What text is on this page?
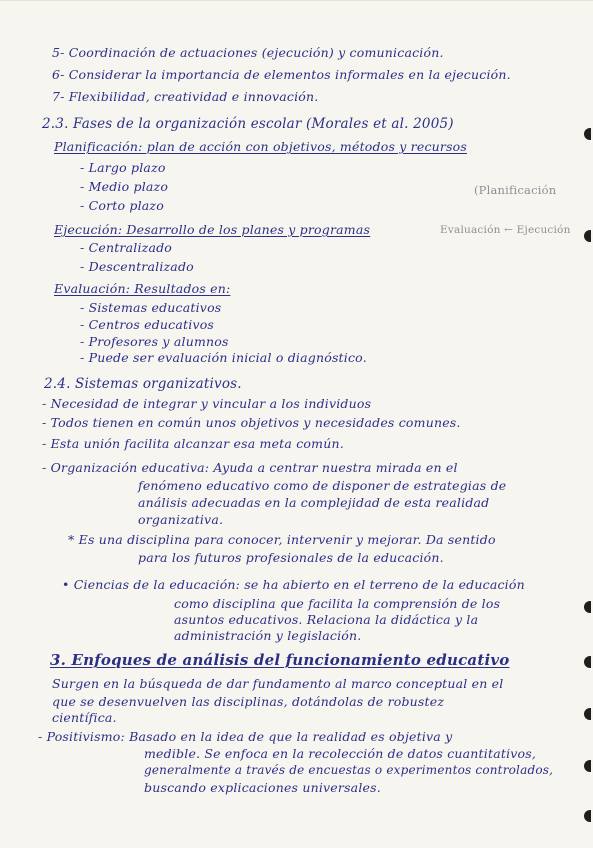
5- Coordinación de actuaciones (ejecución) y comunicación.
6- Considerar la importancia de elementos informales en la ejecución.
7- Flexibilidad, creatividad e innovación.
2.3. Fases de la organización escolar (Morales et al. 2005)
Planificación: plan de acción con objetivos, métodos y recursos
- Largo plazo
- Medio plazo
- Corto plazo
(Planificación
Ejecución: Desarrollo de los planes y programas	Evaluación ← Ejecución
- Centralizado
- Descentralizado
Evaluación: Resultados en:
- Sistemas educativos
- Centros educativos
- Profesores y alumnos
- Puede ser evaluación inicial o diagnóstico.
2.4. Sistemas organizativos.
- Necesidad de integrar y vincular a los individuos
- Todos tienen en común unos objetivos y necesidades comunes.
- Esta unión facilita alcanzar esa meta común.
- Organización educativa: Ayuda a centrar nuestra mirada en el
fenómeno educativo como de disponer de estrategias de
análisis adecuadas en la complejidad de esta realidad
organizativa.
* Es una disciplina para conocer, intervenir y mejorar. Da sentido
para los futuros profesionales de la educación.
• Ciencias de la educación: se ha abierto en el terreno de la educación
como disciplina que facilita la comprensión de los
asuntos educativos. Relaciona la didáctica y la
administración y legislación.
3. Enfoques de análisis del funcionamiento educativo
Surgen en la búsqueda de dar fundamento al marco conceptual en el
que se desenvuelven las disciplinas, dotándolas de robustez
científica.
- Positivismo: Basado en la idea de que la realidad es objetiva y
medible. Se enfoca en la recolección de datos cuantitativos,
generalmente a través de encuestas o experimentos controlados,
buscando explicaciones universales.
